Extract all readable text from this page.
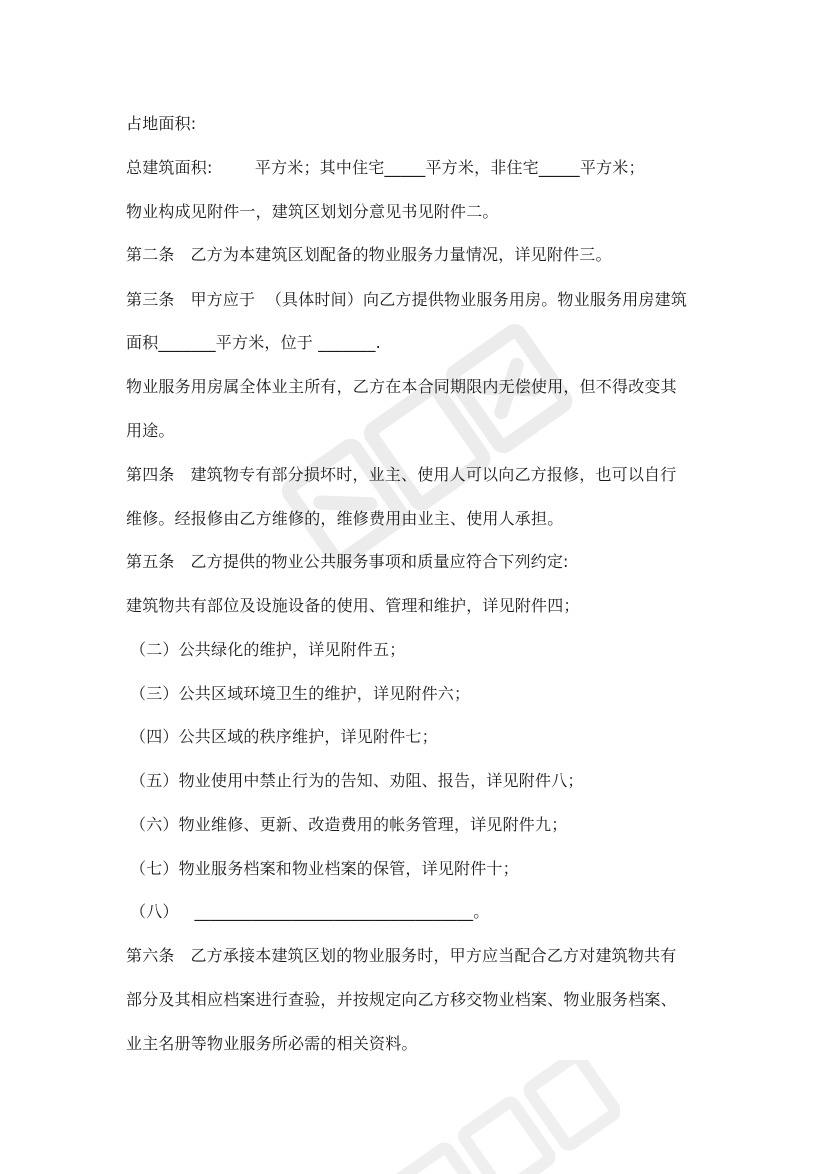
占地面积:
总建筑面积:        平方米；其中住宅_____平方米，非住宅_____平方米；
物业构成见附件一，建筑区划划分意见书见附件二。
第二条   乙方为本建筑区划配备的物业服务力量情况，详见附件三。
第三条   甲方应于  （具体时间）向乙方提供物业服务用房。物业服务用房建筑
面积_______平方米，位于 _______.
物业服务用房属全体业主所有，乙方在本合同期限内无偿使用，但不得改变其
用途。
第四条   建筑物专有部分损坏时，业主、使用人可以向乙方报修，也可以自行
维修。经报修由乙方维修的，维修费用由业主、使用人承担。
第五条   乙方提供的物业公共服务事项和质量应符合下列约定:
建筑物共有部位及设施设备的使用、管理和维护，详见附件四；
（二）公共绿化的维护，详见附件五；
（三）公共区域环境卫生的维护，详见附件六；
（四）公共区域的秩序维护，详见附件七；
（五）物业使用中禁止行为的告知、劝阻、报告，详见附件八；
（六）物业维修、更新、改造费用的帐务管理，详见附件九；
（七）物业服务档案和物业档案的保管，详见附件十；
（八）   __________________________________。
第六条   乙方承接本建筑区划的物业服务时，甲方应当配合乙方对建筑物共有
部分及其相应档案进行查验，并按规定向乙方移交物业档案、物业服务档案、
业主名册等物业服务所必需的相关资料。
